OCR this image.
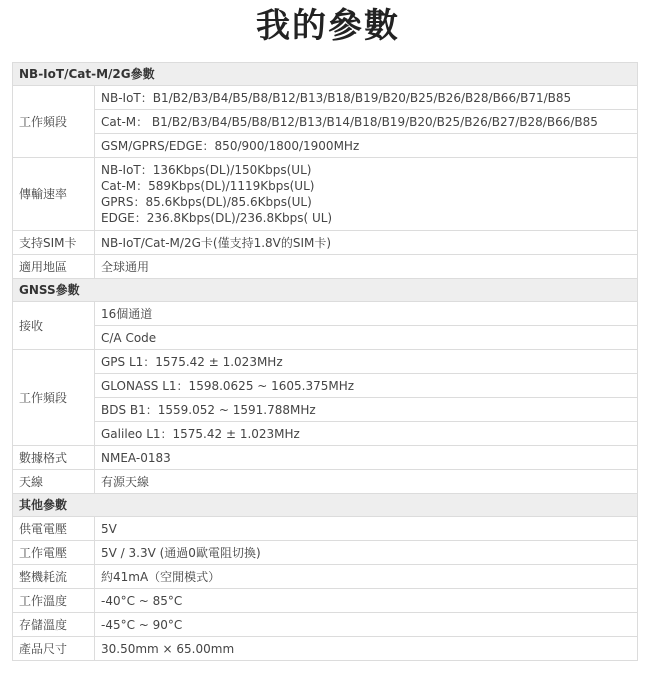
我的參數
NB-IoT/Cat-M/2G參數	
工作頻段	NB-IoT：B1/B2/B3/B4/B5/B8/B12/B13/B18/B19/B20/B25/B26/B28/B66/B71/B85
	Cat-M： B1/B2/B3/B4/B5/B8/B12/B13/B14/B18/B19/B20/B25/B26/B27/B28/B66/B85
	GSM/GPRS/EDGE：850/900/1800/1900MHz
傳輸速率	NB-IoT：136Kbps(DL)/150Kbps(UL)
Cat-M：589Kbps(DL)/1119Kbps(UL)
GPRS：85.6Kbps(DL)/85.6Kbps(UL)
EDGE：236.8Kbps(DL)/236.8Kbps( UL)

支持SIM卡	NB-IoT/Cat-M/2G卡(僅支持1.8V的SIM卡)
適用地區	全球通用
GNSS參數	
接收	16個通道
	C/A Code
工作頻段	GPS L1：1575.42 ± 1.023MHz
	GLONASS L1：1598.0625 ~ 1605.375MHz
	BDS B1：1559.052 ~ 1591.788MHz
	Galileo L1：1575.42 ± 1.023MHz
數據格式	NMEA-0183
天線	有源天線
其他參數	
供電電壓	5V
工作電壓	5V / 3.3V (通過0歐電阻切換)
整機耗流	約41mA（空閒模式）
工作溫度	-40°C ~ 85°C
存儲溫度	-45°C ~ 90°C
產品尺寸	30.50mm × 65.00mm
